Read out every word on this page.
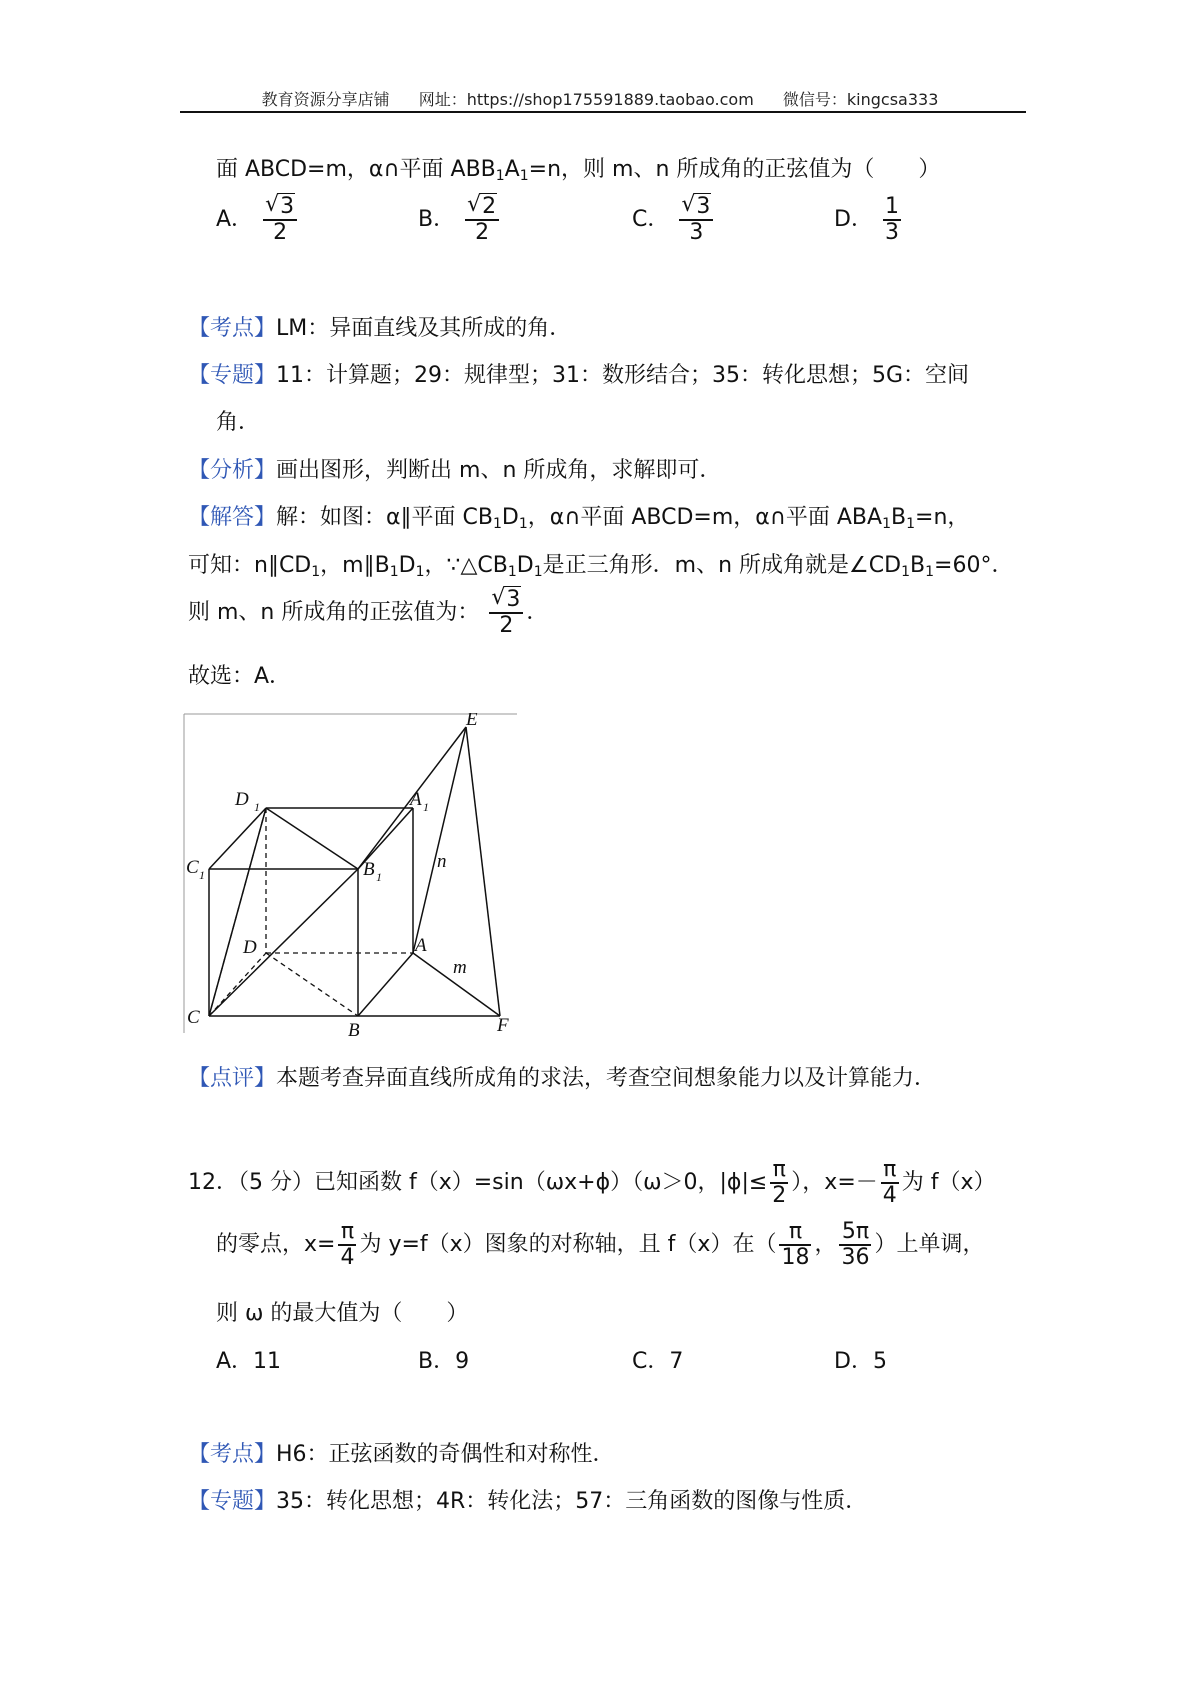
教育资源分享店铺 网址：https://shop175591889.taobao.com 微信号：kingcsa333
面 ABCD=m，α∩平面 $ABB_1A_1=n$，则 m、n 所成角的正弦值为（　　）
A． √ $\frac{3}{2}$	B． √ $\frac{2}{2}$	C． √ $\frac{3}{3}$	D． $\frac{1}{3}$
【考点】LM：异面直线及其所成的角．
【专题】11：计算题；29：规律型；31：数形结合；35：转化思想；5G：空间
角．
【分析】画出图形，判断出 m、n 所成角，求解即可．
【解答】解：如图：α∥平面 $CB_1D_1$，α∩平面 ABCD=m，α∩平面 $ABA_1B_1=n$，
可知：$n\parallel CD_1$，$m\parallel B_1D_1$，$\because\triangle CB_1D_1$是正三角形．m、n 所成角就是$\angle CD_1B_1=60^\circ$．
则 m、n 所成角的正弦值为： √ $\frac{3}{2}$ ．
故选：A．
D 1	A 1
C 1	B 1
D	A
C
B
E
F
n
m
【点评】本题考查异面直线所成角的求法，考查空间想象能力以及计算能力．
12．（5 分）已知函数 f（x）=sin（ωx+ϕ）（ω＞0，$|\phi|\le \frac{\pi}{2}$ ），$x=- \frac{\pi}{4}$ 为 f（x）
的零点，$x= \frac{\pi}{4}$ 为 y=f（x）图象的对称轴，且 f（x）在（ $\frac{\pi}{18}$ ， $\frac{5\pi}{36}$ ）上单调，
则 ω 的最大值为（　　）
A．11	B．9	C．7	D．5
【考点】H6：正弦函数的奇偶性和对称性．
【专题】35：转化思想；4R：转化法；57：三角函数的图像与性质．
